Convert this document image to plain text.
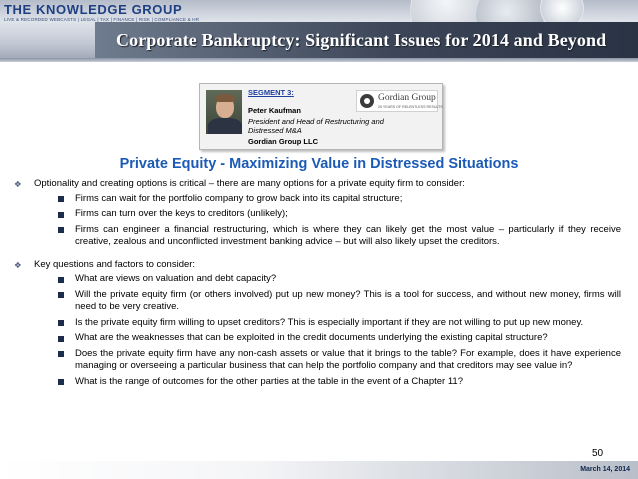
THE KNOWLEDGE GROUP
LIVE & RECORDED WEBCASTS | LEGAL | TAX | FINANCE | RISK | COMPLIANCE & HR
Corporate Bankruptcy: Significant Issues for 2014 and Beyond
SEGMENT 3:
Peter Kaufman
President and Head of Restructuring and Distressed M&A
Gordian Group LLC
Gordian Group
25 YEARS OF RELENTLESS RESULTS
Private Equity - Maximizing Value in Distressed Situations
❖	Optionality and creating options is critical – there are many options for a private equity firm to consider:
Firms can wait for the portfolio company to grow back into its capital structure;
Firms can turn over the keys to creditors (unlikely);
Firms can engineer a financial restructuring, which is where they can likely get the most value – particularly if they receive creative, zealous and unconflicted investment banking advice – but will also likely upset the creditors.
❖	Key questions and factors to consider:
What are views on valuation and debt capacity?
Will the private equity firm (or others involved) put up new money? This is a tool for success, and without new money, firms will need to be very creative.
Is the private equity firm willing to upset creditors? This is especially important if they are not willing to put up new money.
What are the weaknesses that can be exploited in the credit documents underlying the existing capital structure?
Does the private equity firm have any non-cash assets or value that it brings to the table? For example, does it have experience managing or overseeing a particular business that can help the portfolio company and that creditors may see value in?
What is the range of outcomes for the other parties at the table in the event of a Chapter 11?
50
March 14, 2014
